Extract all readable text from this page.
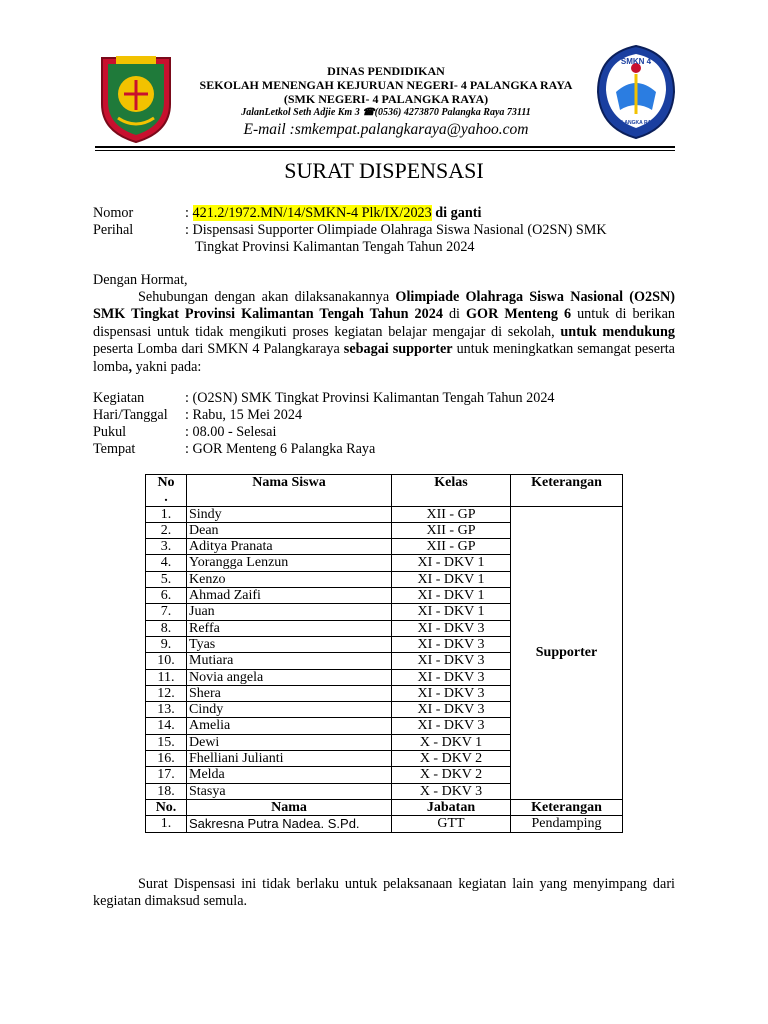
DINAS PENDIDIKAN
SEKOLAH MENENGAH KEJURUAN NEGERI- 4 PALANGKA RAYA
(SMK NEGERI- 4 PALANGKA RAYA)
JalanLetkol Seth Adjie Km 3 ☎(0536) 4273870 Palangka Raya 73111
E-mail :smkempat.palangkaraya@yahoo.com
SMKN 4
PALANGKA RAYA
SURAT DISPENSASI
Nomor	: 421.2/1972.MN/14/SMKN-4 Plk/IX/2023 di ganti
Perihal	: Dispensasi Supporter Olimpiade Olahraga Siswa Nasional (O2SN) SMK
Tingkat Provinsi Kalimantan Tengah Tahun 2024
Dengan Hormat,
Sehubungan dengan akan dilaksanakannya Olimpiade Olahraga Siswa Nasional (O2SN) SMK Tingkat Provinsi Kalimantan Tengah Tahun 2024 di GOR Menteng 6 untuk di berikan dispensasi untuk tidak mengikuti proses kegiatan belajar mengajar di sekolah, untuk mendukung peserta Lomba dari SMKN 4 Palangkaraya sebagai supporter untuk meningkatkan semangat peserta lomba, yakni pada:
Kegiatan	: (O2SN) SMK Tingkat Provinsi Kalimantan Tengah Tahun 2024
Hari/Tanggal : Rabu, 15 Mei 2024
Pukul	: 08.00 - Selesai
Tempat	: GOR Menteng 6 Palangka Raya
No
.	Nama Siswa	Kelas	Keterangan
1.	Sindy	XII - GP	Supporter
2.	Dean	XII - GP	
3.	Aditya Pranata	XII - GP	
4.	Yorangga Lenzun	XI - DKV 1	
5.	Kenzo	XI - DKV 1	
6.	Ahmad Zaifi	XI - DKV 1	
7.	Juan	XI - DKV 1	
8.	Reffa	XI - DKV 3	
9.	Tyas	XI - DKV 3	
10.	Mutiara	XI - DKV 3	
11.	Novia angela	XI - DKV 3	
12.	Shera	XI - DKV 3	
13.	Cindy	XI - DKV 3	
14.	Amelia	XI - DKV 3	
15.	Dewi	X - DKV 1	
16.	Fhelliani Julianti	X - DKV 2	
17.	Melda	X - DKV 2	
18.	Stasya	X - DKV 3	
No.	Nama	Jabatan	Keterangan
1.	Sakresna Putra Nadea. S.Pd.	GTT	Pendamping
Surat Dispensasi ini tidak berlaku untuk pelaksanaan kegiatan lain yang menyimpang dari kegiatan dimaksud semula.
